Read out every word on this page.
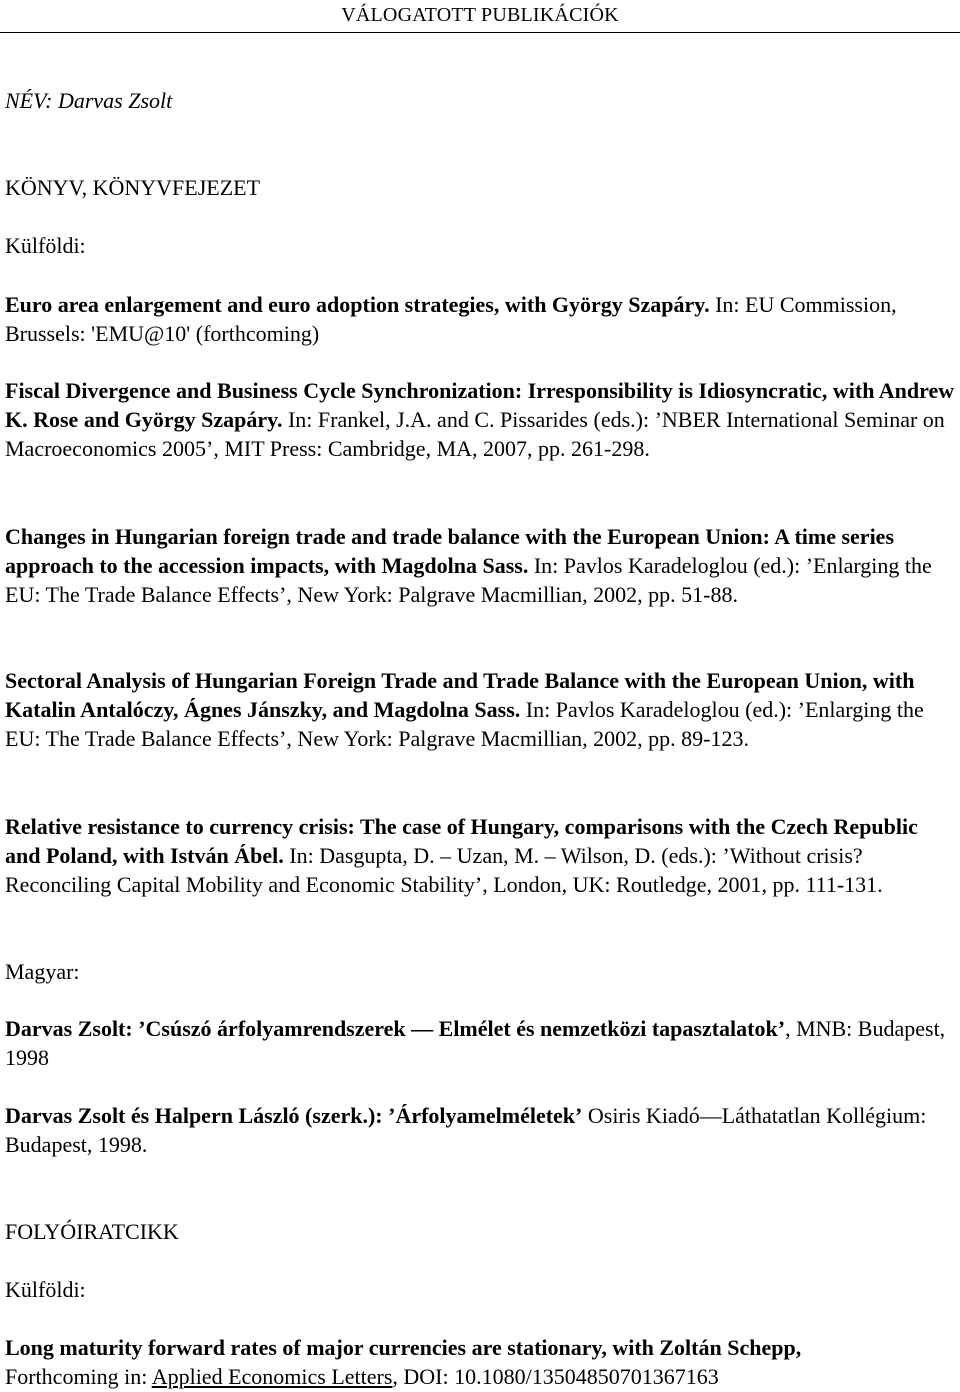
VÁLOGATOTT PUBLIKÁCIÓK
NÉV: Darvas Zsolt
KÖNYV, KÖNYVFEJEZET
Külföldi:
Euro area enlargement and euro adoption strategies, with György Szapáry. In: EU Commission, Brussels: 'EMU@10' (forthcoming)
Fiscal Divergence and Business Cycle Synchronization: Irresponsibility is Idiosyncratic, with Andrew K. Rose and György Szapáry. In: Frankel, J.A. and C. Pissarides (eds.): ’NBER International Seminar on Macroeconomics 2005’, MIT Press: Cambridge, MA, 2007, pp. 261-298.
Changes in Hungarian foreign trade and trade balance with the European Union: A time series approach to the accession impacts, with Magdolna Sass. In: Pavlos Karadeloglou (ed.): ’Enlarging the EU: The Trade Balance Effects’, New York: Palgrave Macmillian, 2002, pp. 51-88.
Sectoral Analysis of Hungarian Foreign Trade and Trade Balance with the European Union, with Katalin Antalóczy, Ágnes Jánszky, and Magdolna Sass. In: Pavlos Karadeloglou (ed.): ’Enlarging the EU: The Trade Balance Effects’, New York: Palgrave Macmillian, 2002, pp. 89-123.
Relative resistance to currency crisis: The case of Hungary, comparisons with the Czech Republic and Poland, with István Ábel. In: Dasgupta, D. – Uzan, M. – Wilson, D. (eds.): ’Without crisis? Reconciling Capital Mobility and Economic Stability’, London, UK: Routledge, 2001, pp. 111-131.
Magyar:
Darvas Zsolt: ’Csúszó árfolyamrendszerek — Elmélet és nemzetközi tapasztalatok’, MNB: Budapest, 1998
Darvas Zsolt és Halpern László (szerk.): ’Árfolyamelméletek’ Osiris Kiadó—Láthatatlan Kollégium: Budapest, 1998.
FOLYÓIRATCIKK
Külföldi:
Long maturity forward rates of major currencies are stationary, with Zoltán Schepp,
Forthcoming in: Applied Economics Letters, DOI: 10.1080/13504850701367163
